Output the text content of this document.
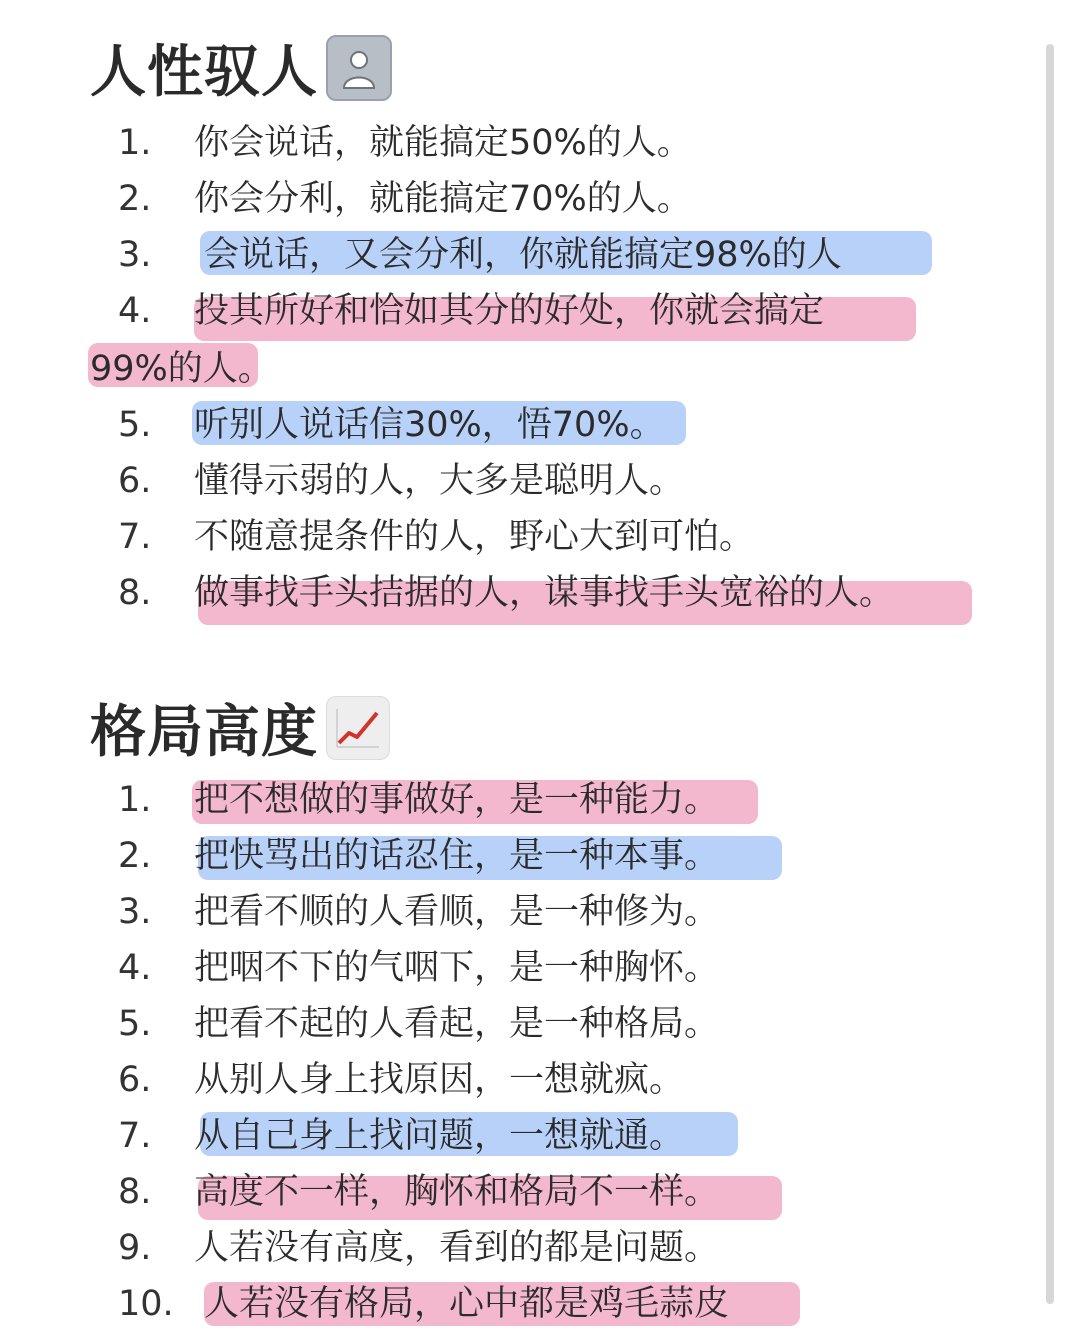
人性驭人
1.	你会说话，就能搞定50%的人。
2.	你会分利，就能搞定70%的人。
3.	会说话，又会分利，你就能搞定98%的人
4.	投其所好和恰如其分的好处，你就会搞定
99%的人。
5.	听别人说话信30%，悟70%。
6.	懂得示弱的人，大多是聪明人。
7.	不随意提条件的人，野心大到可怕。
8.	做事找手头拮据的人，谋事找手头宽裕的人。
格局高度
1.	把不想做的事做好，是一种能力。
2.	把快骂出的话忍住，是一种本事。
3.	把看不顺的人看顺，是一种修为。
4.	把咽不下的气咽下，是一种胸怀。
5.	把看不起的人看起，是一种格局。
6.	从别人身上找原因，一想就疯。
7.	从自己身上找问题，一想就通。
8.	高度不一样，胸怀和格局不一样。
9.	人若没有高度，看到的都是问题。
10. 人若没有格局，心中都是鸡毛蒜皮
